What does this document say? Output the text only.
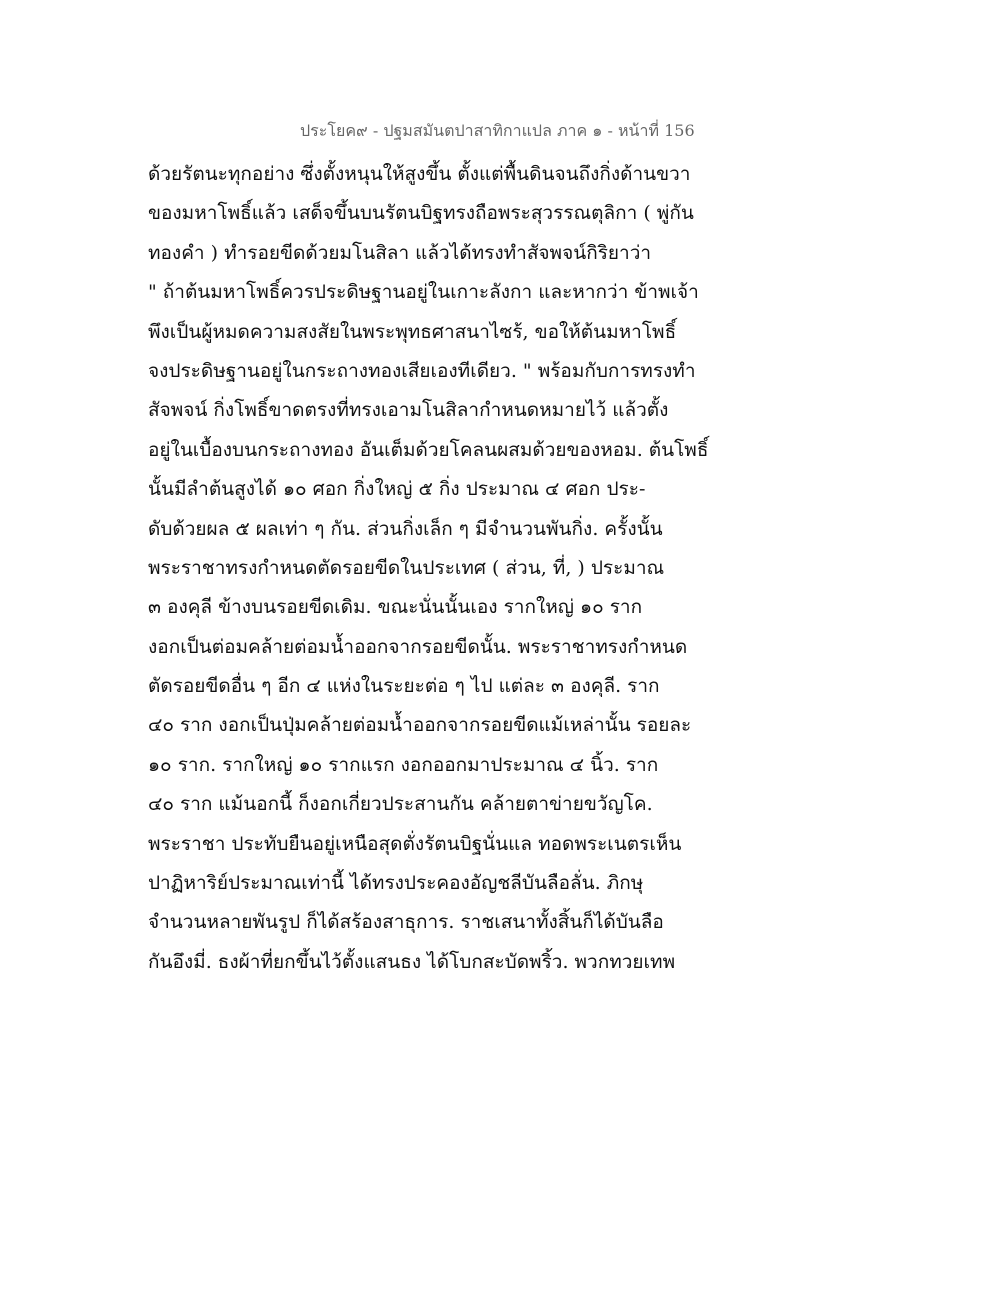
ประโยค๙ - ปฐมสมันตปาสาทิกาแปล ภาค ๑ - หน้าที่ 156
ด้วยรัตนะทุกอย่าง ซึ่งตั้งหนุนให้สูงขึ้น ตั้งแต่พื้นดินจนถึงกิ่งด้านขวา
ของมหาโพธิ์แล้ว เสด็จขึ้นบนรัตนบิฐทรงถือพระสุวรรณตุลิกา ( พู่กัน
ทองคำ ) ทำรอยขีดด้วยมโนสิลา แล้วได้ทรงทำสัจพจน์กิริยาว่า
" ถ้าต้นมหาโพธิ์ควรประดิษฐานอยู่ในเกาะลังกา และหากว่า ข้าพเจ้า
พึงเป็นผู้หมดความสงสัยในพระพุทธศาสนาไซร้, ขอให้ต้นมหาโพธิ์
จงประดิษฐานอยู่ในกระถางทองเสียเองทีเดียว. " พร้อมกับการทรงทำ
สัจพจน์ กิ่งโพธิ์ขาดตรงที่ทรงเอามโนสิลากำหนดหมายไว้ แล้วตั้ง
อยู่ในเบื้องบนกระถางทอง อันเต็มด้วยโคลนผสมด้วยของหอม. ต้นโพธิ์
นั้นมีลำต้นสูงได้ ๑๐ ศอก กิ่งใหญ่ ๕ กิ่ง ประมาณ ๔ ศอก ประ-
ดับด้วยผล ๕ ผลเท่า ๆ กัน. ส่วนกิ่งเล็ก ๆ มีจำนวนพันกิ่ง. ครั้งนั้น
พระราชาทรงกำหนดตัดรอยขีดในประเทศ ( ส่วน, ที่, ) ประมาณ
๓ องคุลี ข้างบนรอยขีดเดิม. ขณะนั่นนั้นเอง รากใหญ่ ๑๐ ราก
งอกเป็นต่อมคล้ายต่อมน้ำออกจากรอยขีดนั้น. พระราชาทรงกำหนด
ตัดรอยขีดอื่น ๆ อีก ๔ แห่งในระยะต่อ ๆ ไป แต่ละ ๓ องคุลี. ราก
๔๐ ราก งอกเป็นปุ่มคล้ายต่อมน้ำออกจากรอยขีดแม้เหล่านั้น รอยละ
๑๐ ราก. รากใหญ่ ๑๐ รากแรก งอกออกมาประมาณ ๔ นิ้ว. ราก
๔๐ ราก แม้นอกนี้ ก็งอกเกี่ยวประสานกัน คล้ายตาข่ายขวัญโค.
พระราชา ประทับยืนอยู่เหนือสุดตั่งรัตนบิฐนั่นแล ทอดพระเนตรเห็น
ปาฏิหาริย์ประมาณเท่านี้ ได้ทรงประคองอัญชลีบันลือลั่น. ภิกษุ
จำนวนหลายพันรูป ก็ได้สร้องสาธุการ. ราชเสนาทั้งสิ้นก็ได้บันลือ
กันอึงมี่. ธงผ้าที่ยกขึ้นไว้ตั้งแสนธง ได้โบกสะบัดพริ้ว. พวกทวยเทพ
